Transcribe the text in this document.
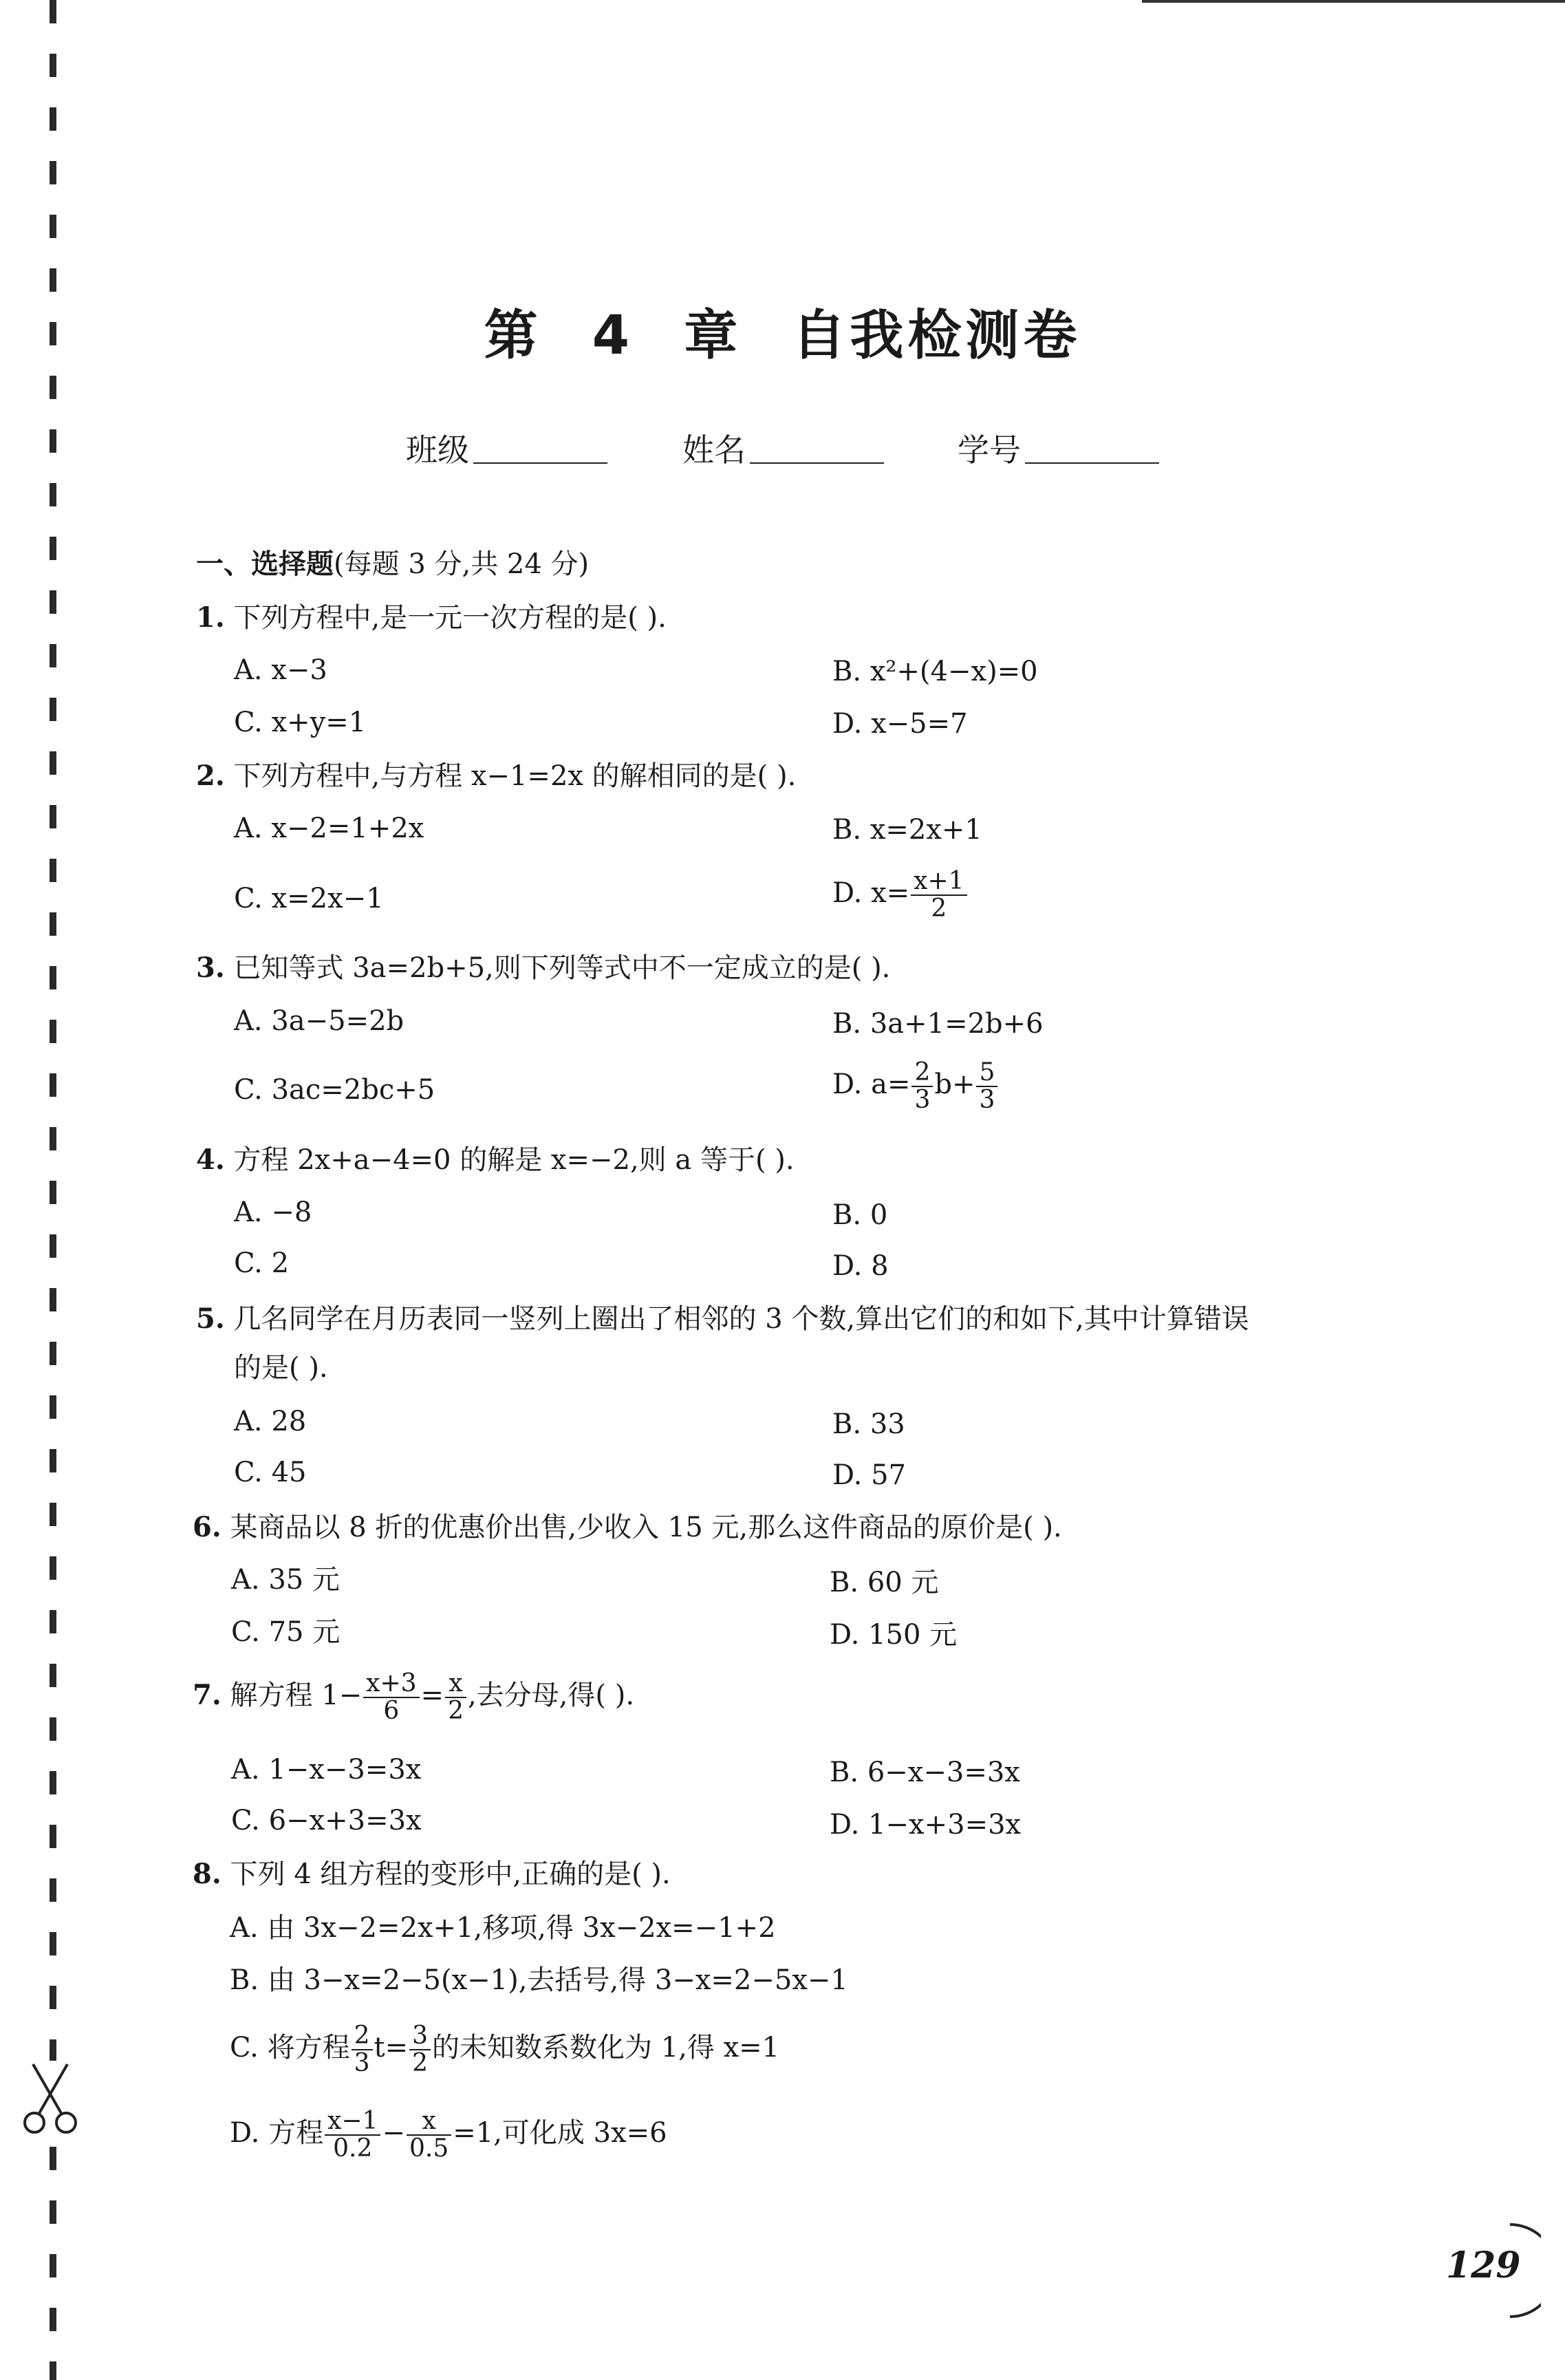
第 4 章 自我检测卷
班级	姓名	学号
一、选择题(每题 3 分,共 24 分)
1. 下列方程中,是一元一次方程的是( ).
A. x−3	B. x²+(4−x)=0
C. x+y=1	D. x−5=7
2. 下列方程中,与方程 x−1=2x 的解相同的是( ).
A. x−2=1+2x	B. x=2x+1
C. x=2x−1	D. $x= \frac{x+1}{2}$
3. 已知等式 3a=2b+5,则下列等式中不一定成立的是( ).
A. 3a−5=2b	B. 3a+1=2b+6
C. 3ac=2bc+5	D. $a= \frac{2}{3} b+ \frac{5}{3}$
4. 方程 2x+a−4=0 的解是 x=−2,则 a 等于( ).
A. −8	B. 0
C. 2	D. 8
5. 几名同学在月历表同一竖列上圈出了相邻的 3 个数,算出它们的和如下,其中计算错误
的是( ).
A. 28	B. 33
C. 45	D. 57
6. 某商品以 8 折的优惠价出售,少收入 15 元,那么这件商品的原价是( ).
A. 35 元	B. 60 元
C. 75 元	D. 150 元
7. 解方程 $1- \frac{x+3}{6} = \frac{x}{2}$ ,去分母,得( ).
A. 1−x−3=3x	B. 6−x−3=3x
C. 6−x+3=3x	D. 1−x+3=3x
8. 下列 4 组方程的变形中,正确的是( ).
A. 由 3x−2=2x+1,移项,得 3x−2x=−1+2
B. 由 3−x=2−5(x−1),去括号,得 3−x=2−5x−1
C. 将方程 $\frac{2}{3} t= \frac{3}{2}$ 的未知数系数化为 1,得 x=1
D. 方程 $\frac{x-1}{0.2} - \frac{x}{0.5} =1$,可化成 3x=6
129
